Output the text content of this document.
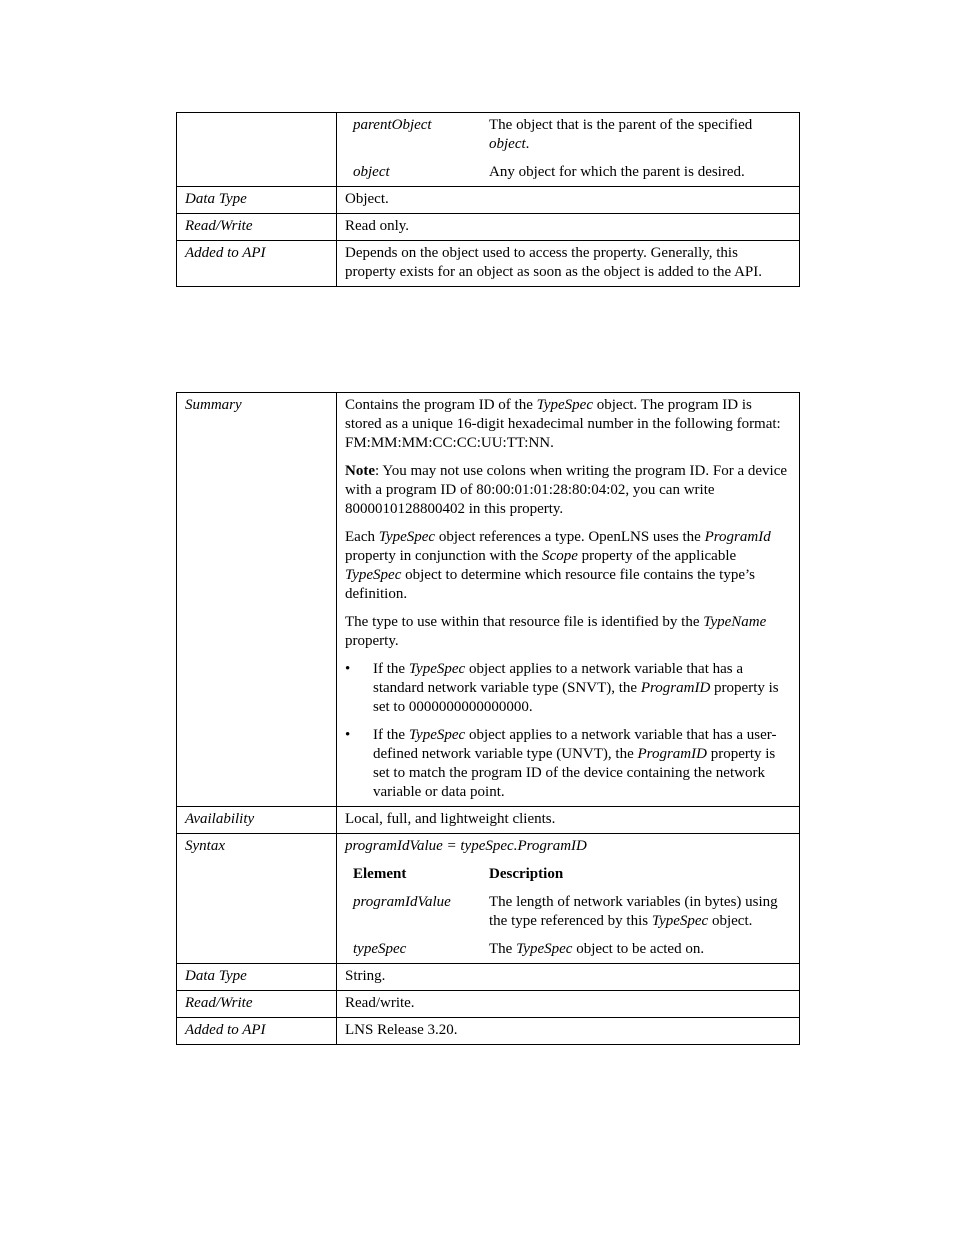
parentObject	The object that is the parent of the specified object.
object	Any object for which the parent is desired.

Data Type	Object.
Read/Write	Read only.
Added to API	Depends on the object used to access the property. Generally, this property exists for an object as soon as the object is added to the API.
Summary	Contains the program ID of the TypeSpec object. The program ID is stored as a unique 16-digit hexadecimal number in the following format: FM:MM:MM:CC:CC:UU:TT:NN.

Note: You may not use colons when writing the program ID. For a device with a program ID of 80:00:01:01:28:80:04:02, you can write 8000010128800402 in this property.

Each TypeSpec object references a type. OpenLNS uses the ProgramId property in conjunction with the Scope property of the applicable TypeSpec object to determine which resource file contains the type’s definition.

The type to use within that resource file is identified by the TypeName property.

• If the TypeSpec object applies to a network variable that has a standard network variable type (SNVT), the ProgramID property is set to 0000000000000000.
• If the TypeSpec object applies to a network variable that has a user-defined network variable type (UNVT), the ProgramID property is set to match the program ID of the device containing the network variable or data point.

Availability	Local, full, and lightweight clients.
Syntax	programIdValue = typeSpec.ProgramID

Element	Description
programIdValue	The length of network variables (in bytes) using the type referenced by this TypeSpec object.
typeSpec	The TypeSpec object to be acted on.

Data Type	String.
Read/Write	Read/write.
Added to API	LNS Release 3.20.
